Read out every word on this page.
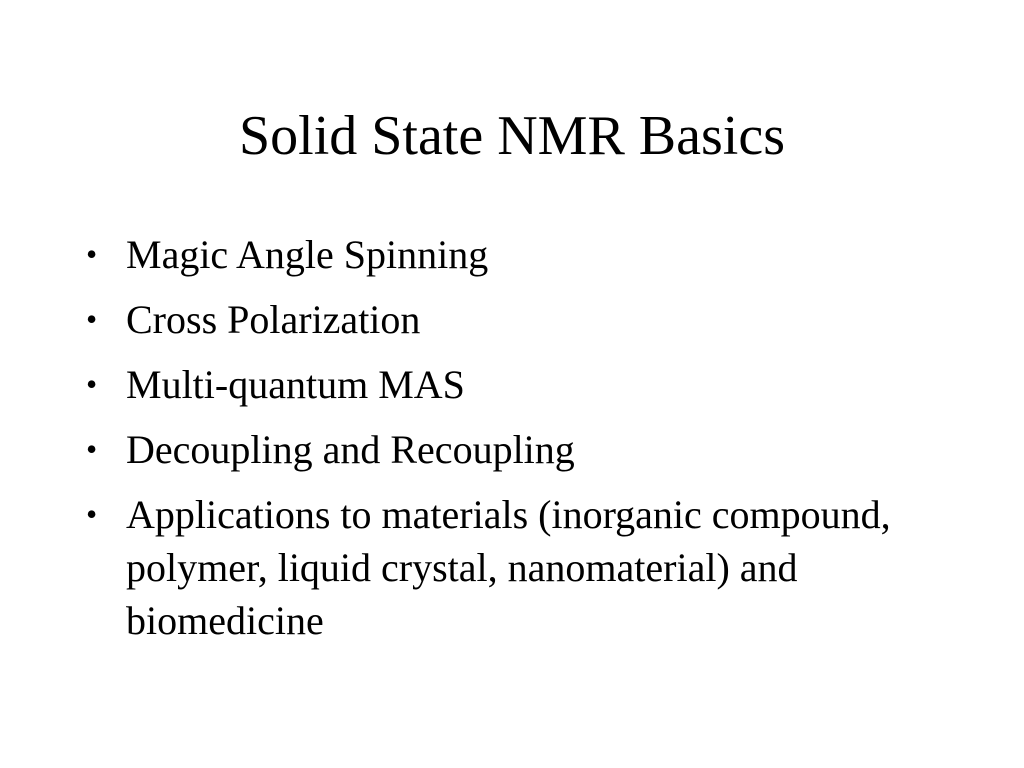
Solid State NMR Basics
• Magic Angle Spinning
• Cross Polarization
• Multi-quantum MAS
• Decoupling and Recoupling
• Applications to materials (inorganic compound, polymer, liquid crystal, nanomaterial) and biomedicine
